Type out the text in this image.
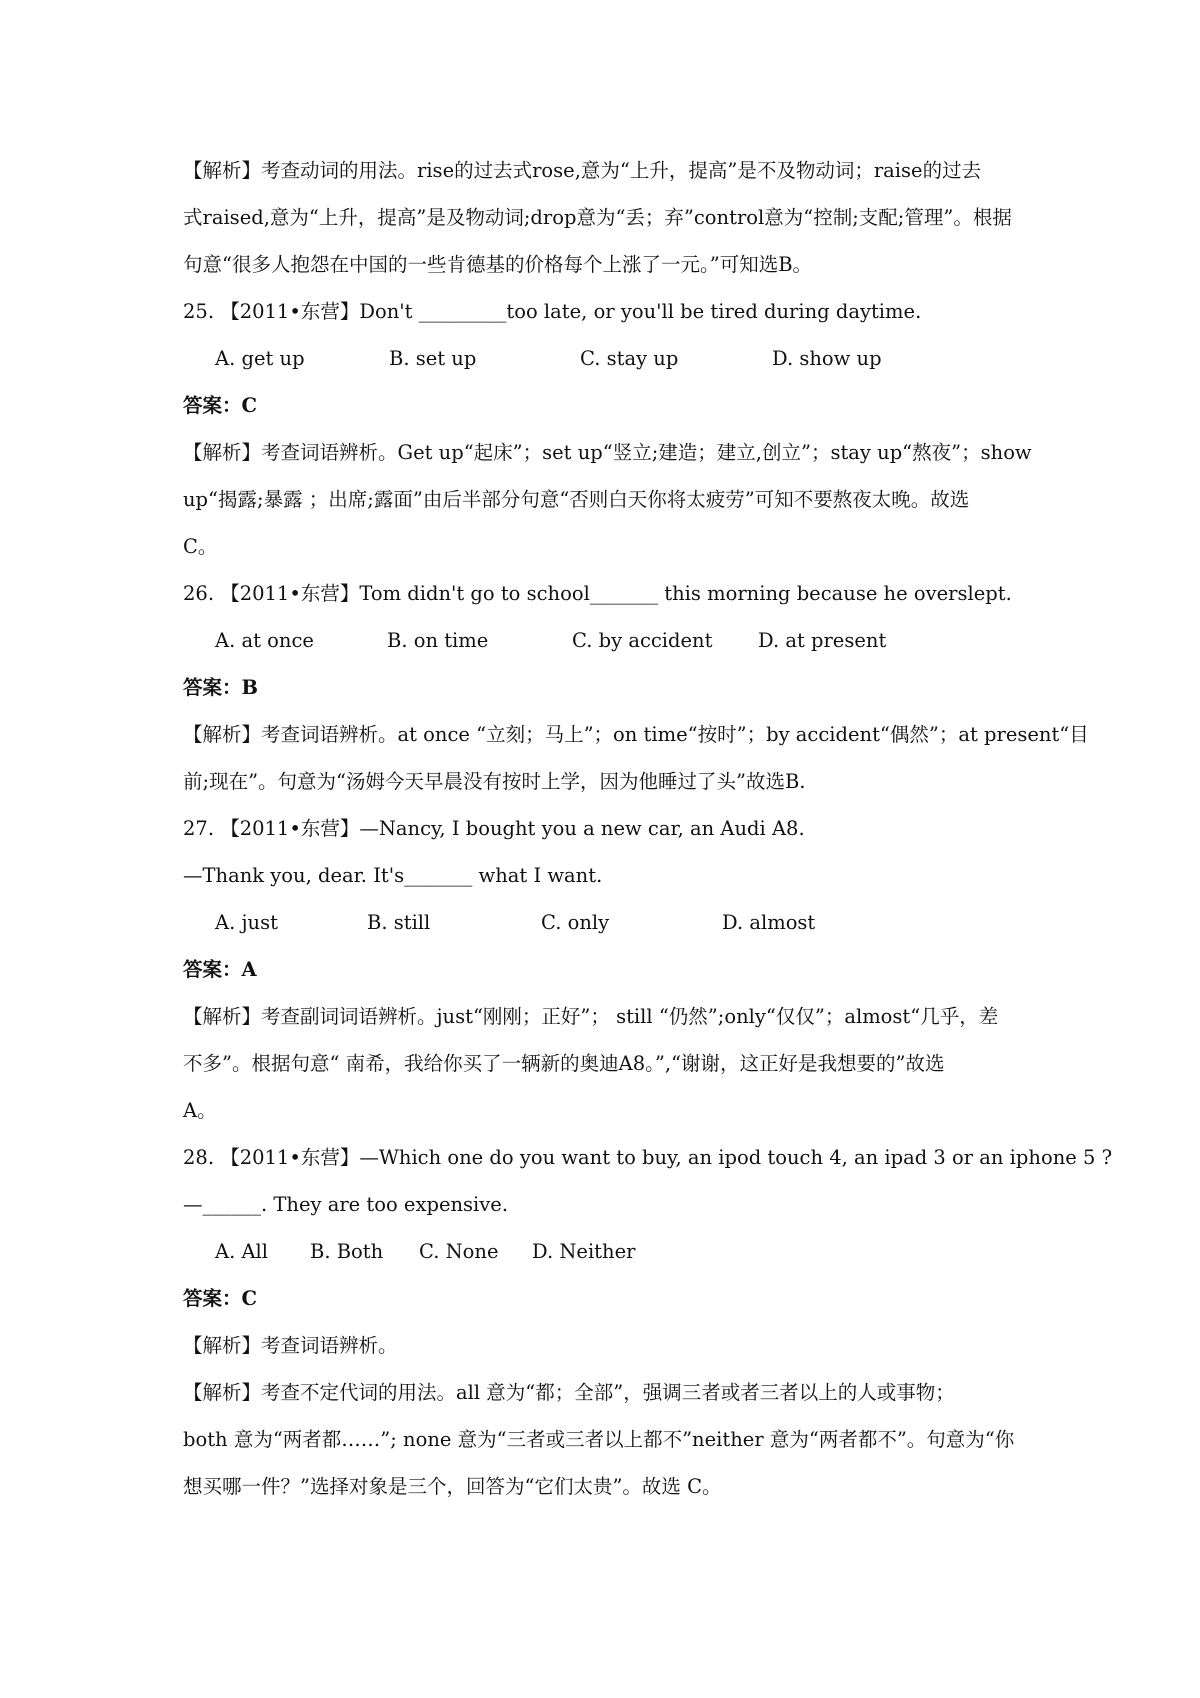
【解析】考查动词的用法。rise的过去式rose,意为“上升，提高”是不及物动词；raise的过去
式raised,意为“上升，提高”是及物动词;drop意为“丢；弃”control意为“控制;支配;管理”。根据
句意“很多人抱怨在中国的一些肯德基的价格每个上涨了一元。”可知选B。
25. 【2011•东营】Don't _________too late, or you'll be tired during daytime.
A. get up	B. set up	C. stay up	D. show up
答案：C
【解析】考查词语辨析。Get up“起床”；set up“竖立;建造；建立,创立”；stay up“熬夜”；show
up“揭露;暴露 ；出席;露面”由后半部分句意“否则白天你将太疲劳”可知不要熬夜太晚。故选
C。
26. 【2011•东营】Tom didn't go to school_______ this morning because he overslept.
A. at once	B. on time	C. by accident D. at present
答案：B
【解析】考查词语辨析。at once “立刻；马上”；on time“按时”；by accident“偶然”；at present“目
前;现在”。句意为“汤姆今天早晨没有按时上学，因为他睡过了头”故选B.
27. 【2011•东营】—Nancy, I bought you a new car, an Audi A8.
—Thank you, dear. It's_______ what I want.
A. just	B. still	C. only	D. almost
答案：A
【解析】考查副词词语辨析。just“刚刚；正好”； still “仍然”;only“仅仅”；almost“几乎，差
不多”。根据句意“ 南希，我给你买了一辆新的奥迪A8。”,“谢谢，这正好是我想要的”故选
A。
28. 【2011•东营】—Which one do you want to buy, an ipod touch 4, an ipad 3 or an iphone 5 ?
—______. They are too expensive.
A. All B. Both C. None D. Neither
答案：C
【解析】考查词语辨析。
【解析】考查不定代词的用法。all 意为“都；全部”，强调三者或者三者以上的人或事物；
both 意为“两者都……”; none 意为“三者或三者以上都不”neither 意为“两者都不”。句意为“你
想买哪一件？”选择对象是三个，回答为“它们太贵”。故选 C。
